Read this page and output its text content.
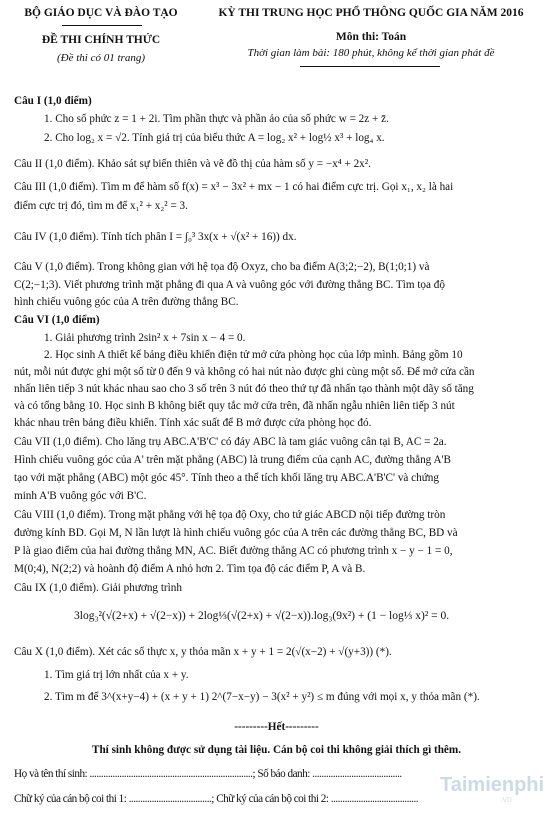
Taimienphi
.vn
BỘ GIÁO DỤC VÀ ĐÀO TẠO	KỲ THI TRUNG HỌC PHỔ THÔNG QUỐC GIA NĂM 2016
ĐỀ THI CHÍNH THỨC
(Đề thi có 01 trang)
Môn thi: Toán
Thời gian làm bài: 180 phút, không kể thời gian phát đề
Câu I (1,0 điểm)
1. Cho số phức z = 1 + 2i. Tìm phần thực và phần ảo của số phức w = 2z + z̄.
2. Cho log₂ x = √2. Tính giá trị của biểu thức A = log₂ x² + log½ x³ + log₄ x.
Câu II (1,0 điểm). Khảo sát sự biến thiên và vẽ đồ thị của hàm số y = −x⁴ + 2x².
Câu III (1,0 điểm). Tìm m để hàm số f(x) = x³ − 3x² + mx − 1 có hai điểm cực trị. Gọi x₁, x₂ là hai
điểm cực trị đó, tìm m để x₁² + x₂² = 3.
Câu IV (1,0 điểm). Tính tích phân I = ∫₀³ 3x(x + √(x² + 16)) dx.
Câu V (1,0 điểm). Trong không gian với hệ tọa độ Oxyz, cho ba điểm A(3;2;−2), B(1;0;1) và
C(2;−1;3). Viết phương trình mặt phẳng đi qua A và vuông góc với đường thẳng BC. Tìm tọa độ
hình chiếu vuông góc của A trên đường thẳng BC.
Câu VI (1,0 điểm)
1. Giải phương trình 2sin² x + 7sin x − 4 = 0.
2. Học sinh A thiết kế bảng điều khiển điện tử mở cửa phòng học của lớp mình. Bảng gồm 10
nút, mỗi nút được ghi một số từ 0 đến 9 và không có hai nút nào được ghi cùng một số. Để mở cửa cần
nhấn liên tiếp 3 nút khác nhau sao cho 3 số trên 3 nút đó theo thứ tự đã nhấn tạo thành một dãy số tăng
và có tổng bằng 10. Học sinh B không biết quy tắc mở cửa trên, đã nhấn ngẫu nhiên liên tiếp 3 nút
khác nhau trên bảng điều khiển. Tính xác suất để B mở được cửa phòng học đó.
Câu VII (1,0 điểm). Cho lăng trụ ABC.A'B'C' có đáy ABC là tam giác vuông cân tại B, AC = 2a.
Hình chiếu vuông góc của A' trên mặt phẳng (ABC) là trung điểm của cạnh AC, đường thẳng A'B
tạo với mặt phẳng (ABC) một góc 45°. Tính theo a thể tích khối lăng trụ ABC.A'B'C' và chứng
minh A'B vuông góc với B'C.
Câu VIII (1,0 điểm). Trong mặt phẳng với hệ tọa độ Oxy, cho tứ giác ABCD nội tiếp đường tròn
đường kính BD. Gọi M, N lần lượt là hình chiếu vuông góc của A trên các đường thẳng BC, BD và
P là giao điểm của hai đường thẳng MN, AC. Biết đường thẳng AC có phương trình x − y − 1 = 0,
M(0;4), N(2;2) và hoành độ điểm A nhỏ hơn 2. Tìm tọa độ các điểm P, A và B.
Câu IX (1,0 điểm). Giải phương trình
3log₃²(√(2+x) + √(2−x)) + 2log⅓(√(2+x) + √(2−x)).log₃(9x²) + (1 − log⅓ x)² = 0.
Câu X (1,0 điểm). Xét các số thực x, y thỏa mãn x + y + 1 = 2(√(x−2) + √(y+3)) (*).
1. Tìm giá trị lớn nhất của x + y.
2. Tìm m để 3^(x+y−4) + (x + y + 1) 2^(7−x−y) − 3(x² + y²) ≤ m đúng với mọi x, y thỏa mãn (*).
---------Hết---------
Thí sinh không được sử dụng tài liệu. Cán bộ coi thi không giải thích gì thêm.
Họ và tên thí sinh: .......................................................................; Số báo danh: .......................................
Chữ ký của cán bộ coi thi 1: ....................................; Chữ ký của cán bộ coi thi 2: ......................................
